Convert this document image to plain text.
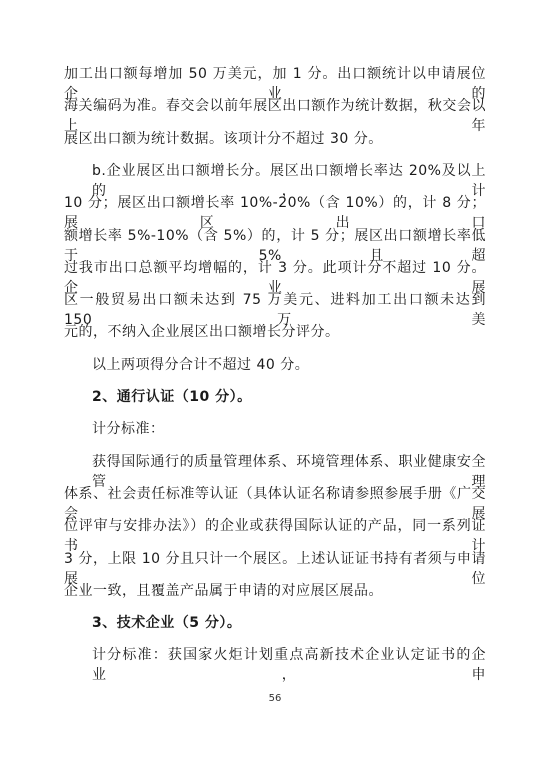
加工出口额每增加 50 万美元，加 1 分。出口额统计以申请展位企业的
海关编码为准。春交会以前年展区出口额作为统计数据，秋交会以上年
展区出口额为统计数据。该项计分不超过 30 分。
b.企业展区出口额增长分。展区出口额增长率达 20%及以上的，计
10 分；展区出口额增长率 10%-20%（含 10%）的，计 8 分；展区出口
额增长率 5%-10%（含 5%）的，计 5 分；展区出口额增长率低于 5%且超
过我市出口总额平均增幅的，计 3 分。此项计分不超过 10 分。企业展
区一般贸易出口额未达到 75 万美元、进料加工出口额未达到 150 万美
元的，不纳入企业展区出口额增长分评分。
以上两项得分合计不超过 40 分。
2、通行认证（10 分）。
计分标准：
获得国际通行的质量管理体系、环境管理体系、职业健康安全管理
体系、社会责任标准等认证（具体认证名称请参照参展手册《广交会展
位评审与安排办法》）的企业或获得国际认证的产品，同一系列证书计
3 分，上限 10 分且只计一个展区。上述认证证书持有者须与申请展位
企业一致，且覆盖产品属于申请的对应展区展品。
3、技术企业（5 分）。
计分标准：获国家火炬计划重点高新技术企业认定证书的企业，申
56
